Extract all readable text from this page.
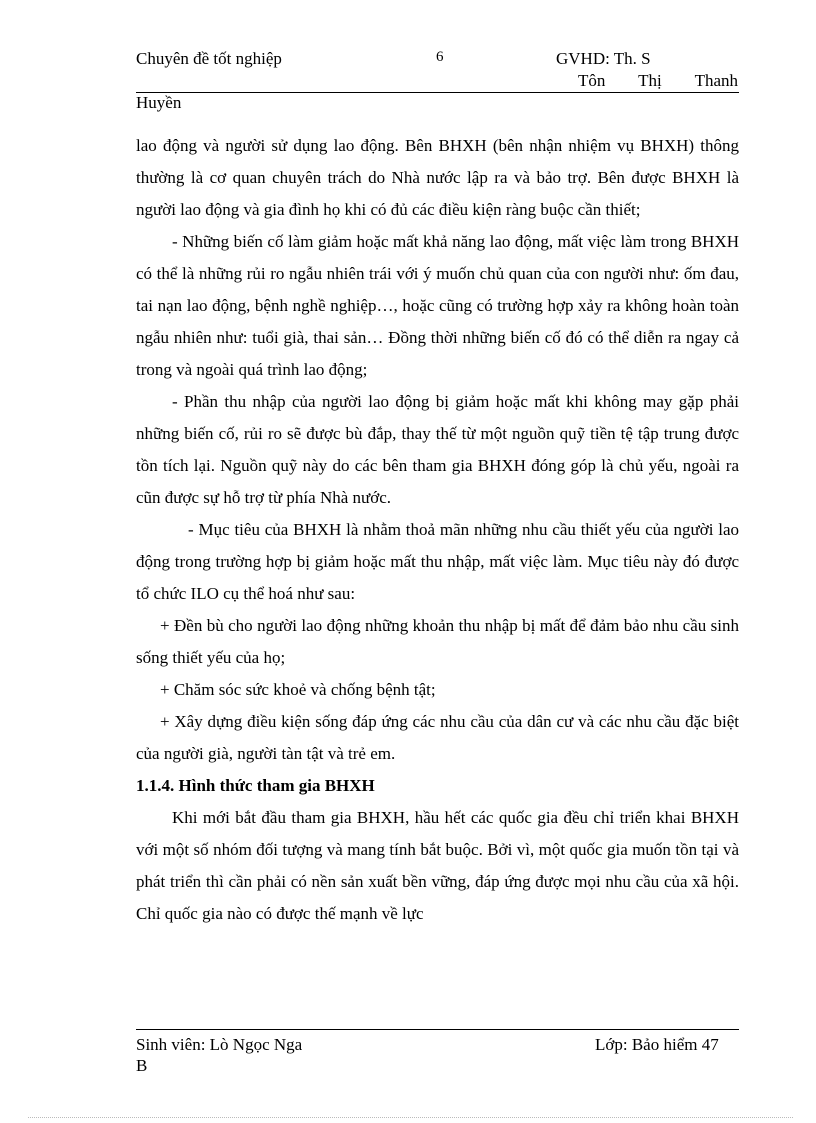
Chuyên đề tốt nghiệp	6	GVHD: Th. S
Tôn Thị Thanh
Huyền

lao động và người sử dụng lao động. Bên BHXH (bên nhận nhiệm vụ BHXH) thông thường là cơ quan chuyên trách do Nhà nước lập ra và bảo trợ. Bên được BHXH là người lao động và gia đình họ khi có đủ các điều kiện ràng buộc cần thiết;

- Những biến cố làm giảm hoặc mất khả năng lao động, mất việc làm trong BHXH có thể là những rủi ro ngẫu nhiên trái với ý muốn chủ quan của con người như: ốm đau, tai nạn lao động, bệnh nghề nghiệp…, hoặc cũng có trường hợp xảy ra không hoàn toàn ngẫu nhiên như: tuổi già, thai sản… Đồng thời những biến cố đó có thể diễn ra ngay cả trong và ngoài quá trình lao động;

- Phần thu nhập của người lao động bị giảm hoặc mất khi không may gặp phải những biến cố, rủi ro sẽ được bù đắp, thay thế từ một nguồn quỹ tiền tệ tập trung được tồn tích lại. Nguồn quỹ này do các bên tham gia BHXH đóng góp là chủ yếu, ngoài ra cũn được sự hỗ trợ từ phía Nhà nước.

- Mục tiêu của BHXH là nhằm thoả mãn những nhu cầu thiết yếu của người lao động trong trường hợp bị giảm hoặc mất thu nhập, mất việc làm. Mục tiêu này đó được tổ chức ILO cụ thể hoá như sau:

+ Đền bù cho người lao động những khoản thu nhập bị mất để đảm bảo nhu cầu sinh sống thiết yếu của họ;

+ Chăm sóc sức khoẻ và chống bệnh tật;

+ Xây dựng điều kiện sống đáp ứng các nhu cầu của dân cư và các nhu cầu đặc biệt của người già, người tàn tật và trẻ em.

1.1.4. Hình thức tham gia BHXH

Khi mới bắt đầu tham gia BHXH, hầu hết các quốc gia đều chỉ triển khai BHXH với một số nhóm đối tượng và mang tính bắt buộc. Bởi vì, một quốc gia muốn tồn tại và phát triển thì cần phải có nền sản xuất bền vững, đáp ứng được mọi nhu cầu của xã hội. Chỉ quốc gia nào có được thế mạnh về lực

Sinh viên: Lò Ngọc Nga	Lớp: Bảo hiểm 47
B
